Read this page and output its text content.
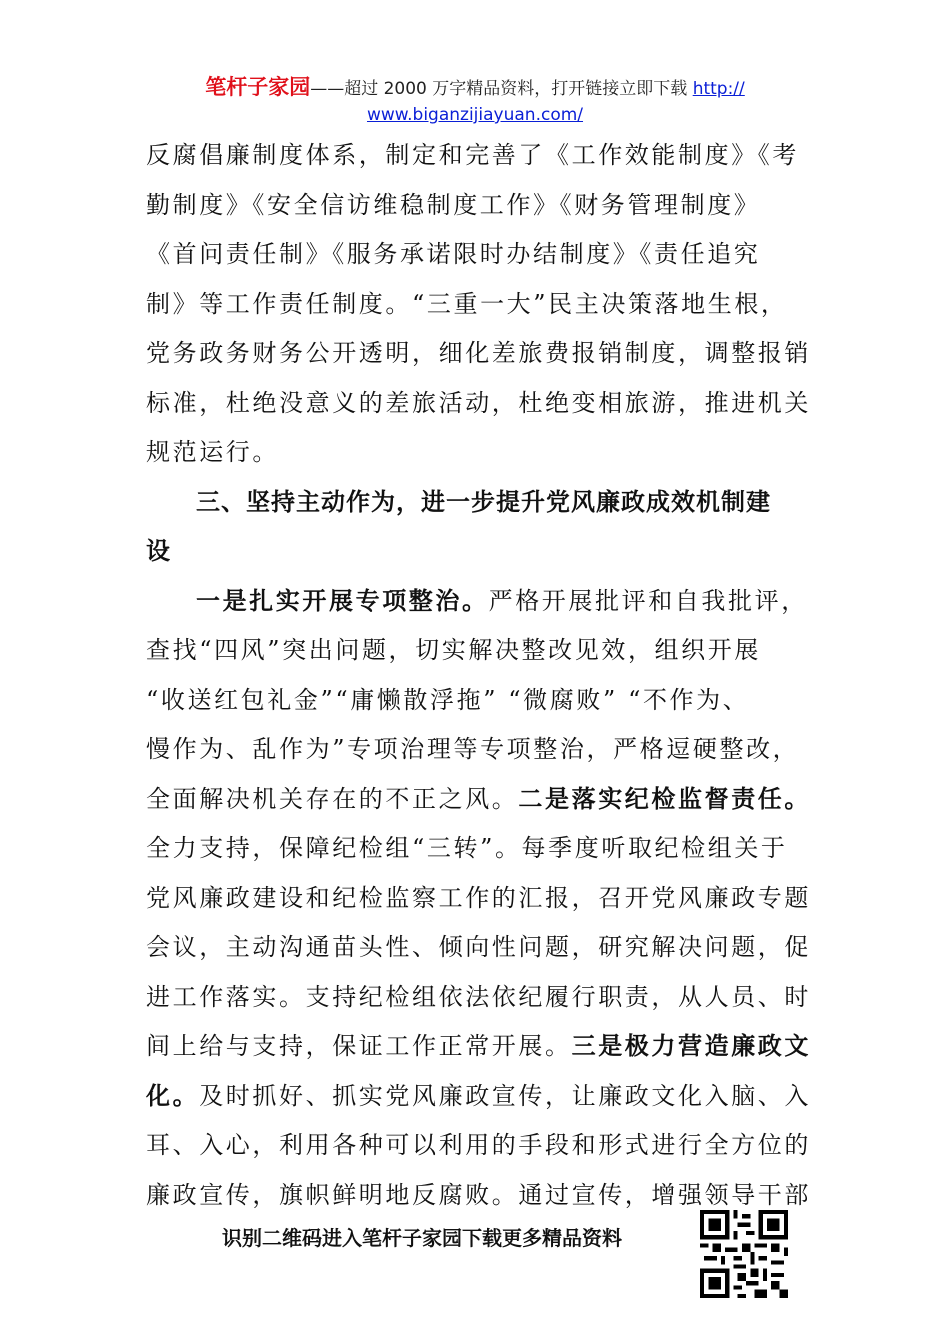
笔杆子家园——超过 2000 万字精品资料，打开链接立即下载 http://
www.biganzijiayuan.com/
反腐倡廉制度体系，制定和完善了《工作效能制度》《考
勤制度》《安全信访维稳制度工作》《财务管理制度》
《首问责任制》《服务承诺限时办结制度》《责任追究
制》等工作责任制度。“三重一大”民主决策落地生根，
党务政务财务公开透明，细化差旅费报销制度，调整报销
标准，杜绝没意义的差旅活动，杜绝变相旅游，推进机关
规范运行。
三、坚持主动作为，进一步提升党风廉政成效机制建
设
一是扎实开展专项整治。严格开展批评和自我批评，
查找“四风”突出问题，切实解决整改见效，组织开展
“收送红包礼金”“庸懒散浮拖” “微腐败” “不作为、
慢作为、乱作为”专项治理等专项整治，严格逗硬整改，
全面解决机关存在的不正之风。二是落实纪检监督责任。
全力支持，保障纪检组“三转”。每季度听取纪检组关于
党风廉政建设和纪检监察工作的汇报，召开党风廉政专题
会议，主动沟通苗头性、倾向性问题，研究解决问题，促
进工作落实。支持纪检组依法依纪履行职责，从人员、时
间上给与支持，保证工作正常开展。三是极力营造廉政文
化。及时抓好、抓实党风廉政宣传，让廉政文化入脑、入
耳、入心，利用各种可以利用的手段和形式进行全方位的
廉政宣传，旗帜鲜明地反腐败。通过宣传，增强领导干部
识别二维码进入笔杆子家园下载更多精品资料
